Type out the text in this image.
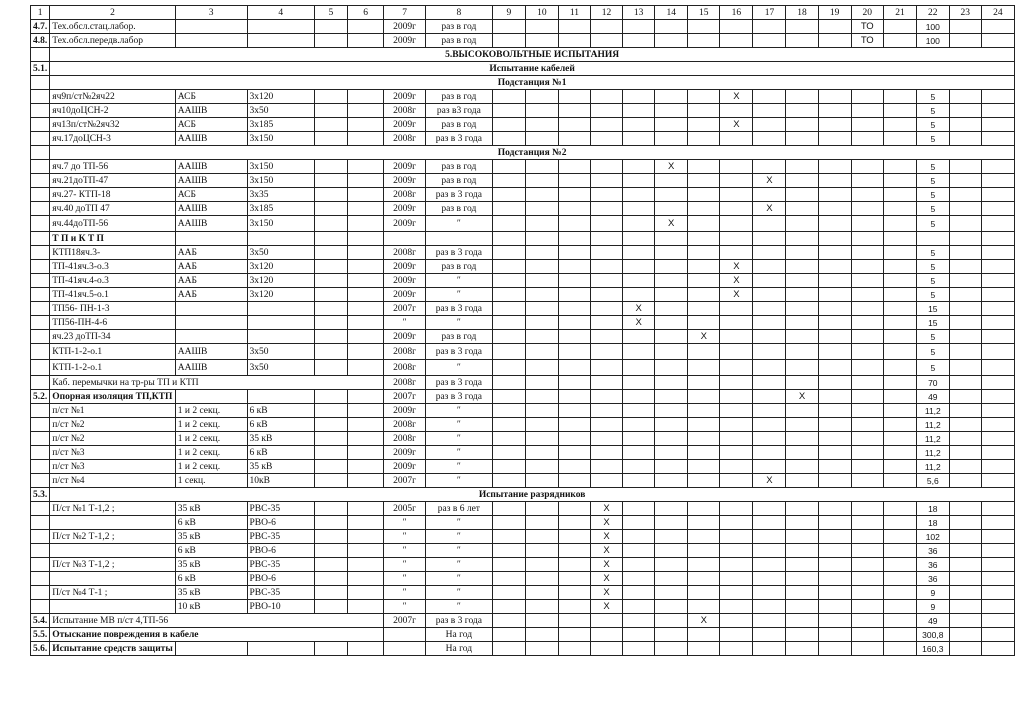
1	2	3	4	5	6	7	8	9	10	11	12	13	14	15	16	17	18	19	20	21	22	23	24
4.7.	Тех.обсл.стац.лабор.					2009г	раз в год												ТО		100		
4.8.	Тех.обсл.передв.лабор					2009г	раз в год												ТО		100		
	5.ВЫСОКОВОЛЬТНЫЕ ИСПЫТАНИЯ																						
5.1.	Испытание кабелей																						
	Подстанция №1																						
	яч9п/ст№2яч22	АСБ	3х120			2009г	раз в год								Х						5		
	яч10доЦСН-2	ААШВ	3х50			2008г	раз в3 года														5		
	яч13п/ст№2яч32	АСБ	3х185			2009г	раз в год								Х						5		
	яч.17доЦСН-3	ААШВ	3х150			2008г	раз в 3 года														5		
	Подстанция №2																						
	яч.7 до ТП-56	ААШВ	3х150			2009г	раз в год						Х								5		
	яч.21доТП-47	ААШВ	3х150			2009г	раз в год									Х					5		
	яч.27- КТП-18	АСБ	3х35			2008г	раз в 3 года														5		
	яч.40 доТП 47	ААШВ	3х185			2009г	раз в год									Х					5		
	яч.44доТП-56	ААШВ	3х150			2009г	″						Х								5		
	Т П и К Т П																						
	КТП18яч.3-	ААБ	3х50			2008г	раз в 3 года														5		
	ТП-41яч.3-о.3	ААБ	3х120			2009г	раз в год								Х						5		
	ТП-41яч.4-о.3	ААБ	3х120			2009г	″								Х						5		
	ТП-41яч.5-о.1	ААБ	3х120			2009г	″								Х						5		
	ТП56- ПН-1-3					2007г	раз в 3 года					Х									15		
	ТП56-ПН-4-6					″	″					Х									15		
	яч.23 доТП-34					2009г	раз в год							Х							5		
	КТП-1-2-о.1	ААШВ	3х50			2008г	раз в 3 года														5		
	КТП-1-2-о.1	ААШВ	3х50			2008г	″														5		
	Каб. перемычки на тр-ры ТП и КТП					2008г	раз в 3 года														70		
5.2.	Опорная изоляция ТП,КТП					2007г	раз в 3 года										Х				49		
	п/ст №1	1 и 2 секц.	6 кВ			2009г	″														11,2		
	п/ст №2	1 и 2 секц.	6 кВ			2008г	″														11,2		
	п/ст №2	1 и 2 секц.	35 кВ			2008г	″														11,2		
	п/ст №3	1 и 2 секц.	6 кВ			2009г	″														11,2		
	п/ст №3	1 и 2 секц.	35 кВ			2009г	″														11,2		
	п/ст №4	1 секц.	10кВ			2007г	″									Х					5,6		
5.3.	Испытание разрядников																						
	П/ст №1 Т-1,2 ;	35 кВ	РВС-35			2005г	раз в 6 лет				Х										18		
		6 кВ	РВО-6			″	″				Х										18		
	П/ст №2 Т-1,2 ;	35 кВ	РВС-35			″	″				Х										102		
		6 кВ	РВО-6			″	″				Х										36		
	П/ст №3 Т-1,2 ;	35 кВ	РВС-35			″	″				Х										36		
		6 кВ	РВО-6			″	″				Х										36		
	П/ст №4 Т-1 ;	35 кВ	РВС-35			″	″				Х										9		
		10 кВ	РВО-10			″	″				Х										9		
5.4.	Испытание МВ п/ст 4,ТП-56					2007г	раз в 3 года							Х							49		
5.5.	Отыскание повреждения в кабеле						На год														300,8		
5.6.	Испытание средств защиты						На год														160,3		
